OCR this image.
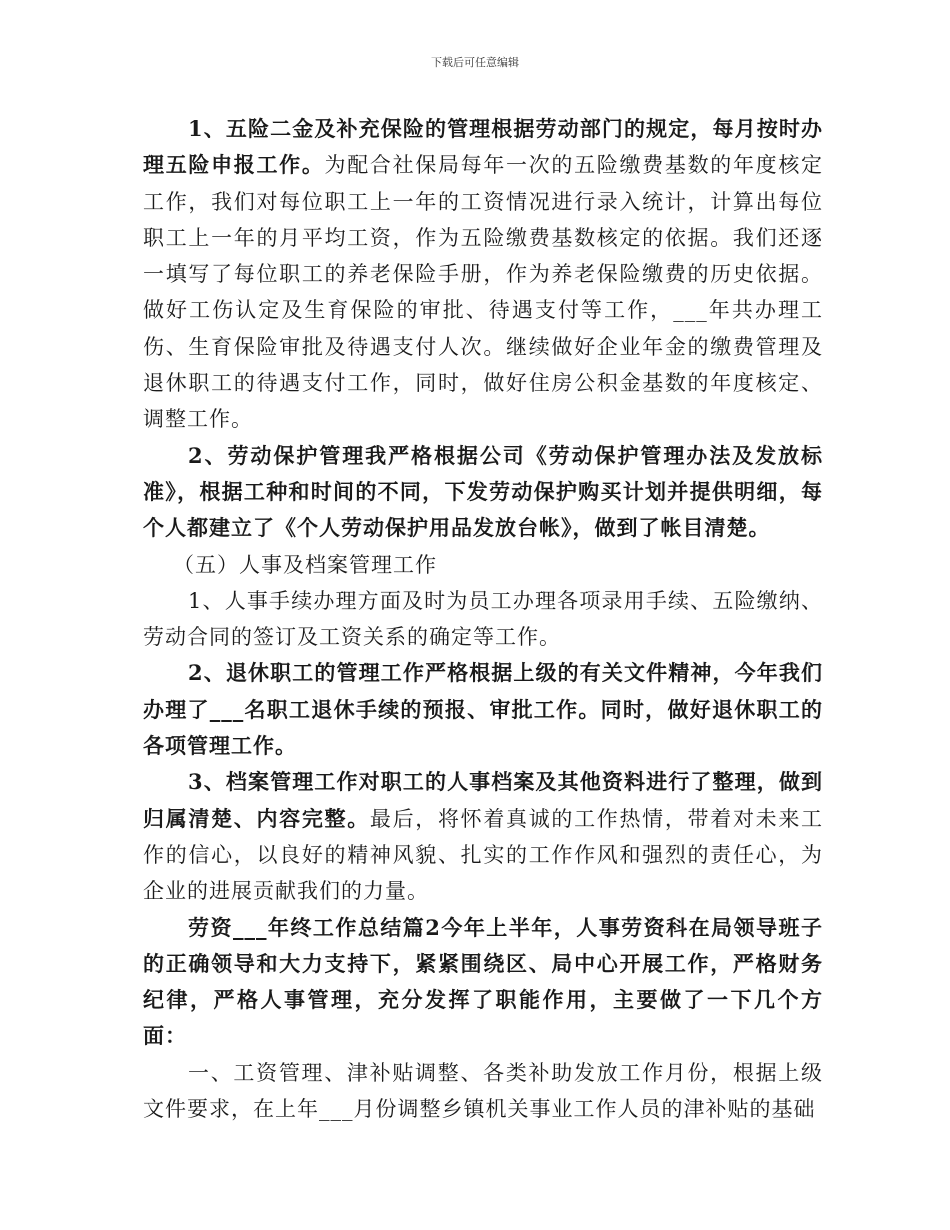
下载后可任意编辑

1、五险二金及补充保险的管理根据劳动部门的规定，每月按时办理五险申报工作。为配合社保局每年一次的五险缴费基数的年度核定工作，我们对每位职工上一年的工资情况进行录入统计，计算出每位职工上一年的月平均工资，作为五险缴费基数核定的依据。我们还逐一填写了每位职工的养老保险手册，作为养老保险缴费的历史依据。做好工伤认定及生育保险的审批、待遇支付等工作，___年共办理工伤、生育保险审批及待遇支付人次。继续做好企业年金的缴费管理及退休职工的待遇支付工作，同时，做好住房公积金基数的年度核定、调整工作。

2、劳动保护管理我严格根据公司《劳动保护管理办法及发放标准》，根据工种和时间的不同，下发劳动保护购买计划并提供明细，每个人都建立了《个人劳动保护用品发放台帐》，做到了帐目清楚。

（五）人事及档案管理工作

1、人事手续办理方面及时为员工办理各项录用手续、五险缴纳、劳动合同的签订及工资关系的确定等工作。

2、退休职工的管理工作严格根据上级的有关文件精神，今年我们办理了___名职工退休手续的预报、审批工作。同时，做好退休职工的各项管理工作。

3、档案管理工作对职工的人事档案及其他资料进行了整理，做到归属清楚、内容完整。最后，将怀着真诚的工作热情，带着对未来工作的信心，以良好的精神风貌、扎实的工作作风和强烈的责任心，为企业的进展贡献我们的力量。

劳资___年终工作总结篇2今年上半年，人事劳资科在局领导班子的正确领导和大力支持下，紧紧围绕区、局中心开展工作，严格财务纪律，严格人事管理，充分发挥了职能作用，主要做了一下几个方面：

一、工资管理、津补贴调整、各类补助发放工作月份，根据上级文件要求，在上年___月份调整乡镇机关事业工作人员的津补贴的基础
